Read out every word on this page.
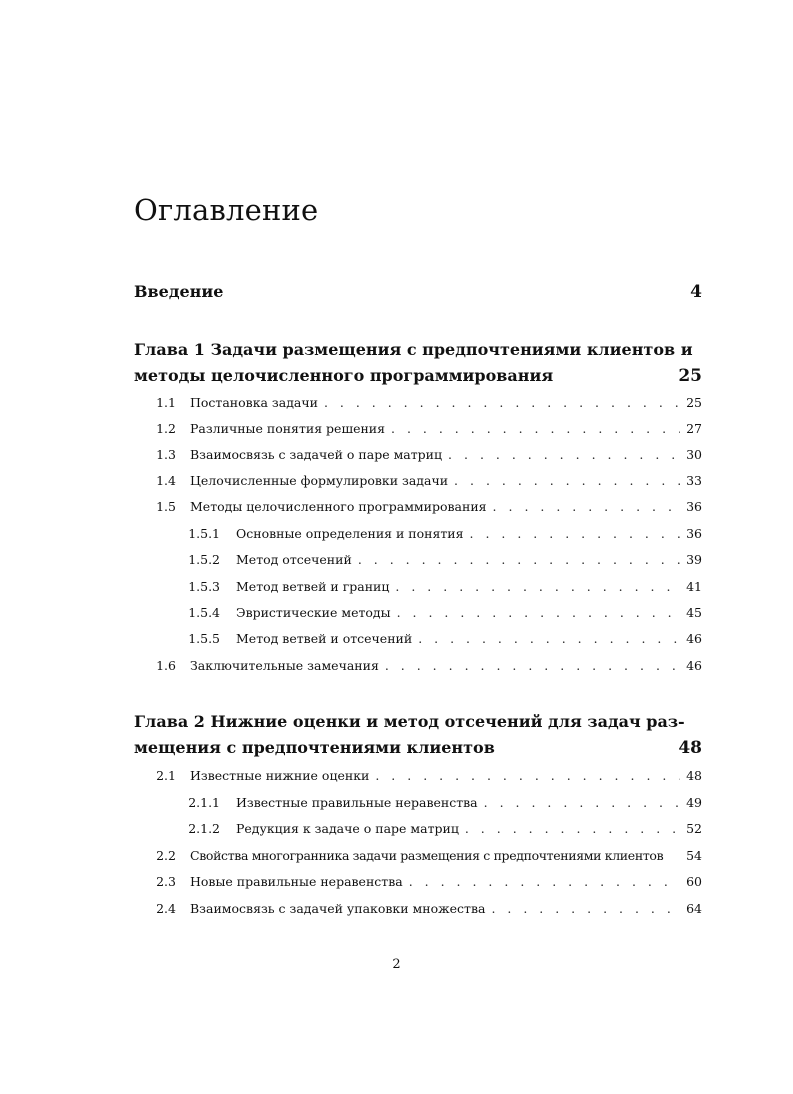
Оглавление
Введение	4
Глава 1 Задачи размещения с предпочтениями клиентов и
методы целочисленного программирования	25
1.1 Постановка задачи . . .	25
1.2 Различные понятия решения . . .	27
1.3 Взаимосвязь с задачей о паре матриц . . .	30
1.4 Целочисленные формулировки задачи . . .	33
1.5 Методы целочисленного программирования . . .	36
1.5.1 Основные определения и понятия . . .	36
1.5.2 Метод отсечений . . .	39
1.5.3 Метод ветвей и границ . . .	41
1.5.4 Эвристические методы . . .	45
1.5.5 Метод ветвей и отсечений . . .	46
1.6 Заключительные замечания . . .	46
Глава 2 Нижние оценки и метод отсечений для задач раз-
мещения с предпочтениями клиентов	48
2.1 Известные нижние оценки . . .	48
2.1.1 Известные правильные неравенства . . .	49
2.1.2 Редукция к задаче о паре матриц . . .	52
2.2 Свойства многогранника задачи размещения с предпочтениями клиентов 54
2.3 Новые правильные неравенства . . .	60
2.4 Взаимосвязь с задачей упаковки множества . . .	64
2
